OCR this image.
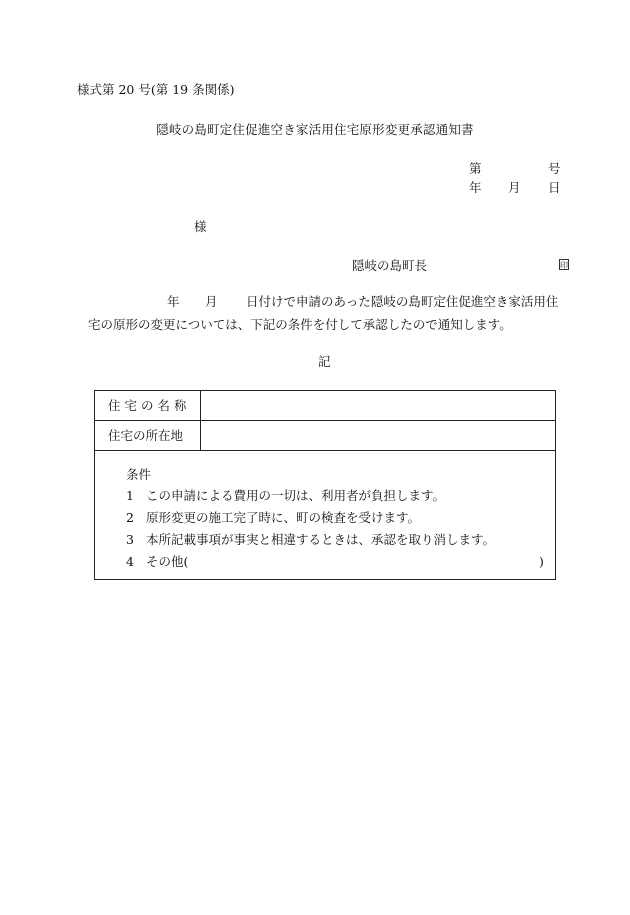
様式第 20 号(第 19 条関係)
隠岐の島町定住促進空き家活用住宅原形変更承認通知書
第	号
年 月 日
様
隠岐の島町長	印
年 月 日付けで申請のあった隠岐の島町定住促進空き家活用住
宅の原形の変更については、下記の条件を付して承認したので通知します。
記
住 宅 の 名 称
住宅の所在地
条件
1 この申請による費用の一切は、利用者が負担します。
2 原形変更の施工完了時に、町の検査を受けます。
3 本所記載事項が事実と相違するときは、承認を取り消します。
4 その他(	)
